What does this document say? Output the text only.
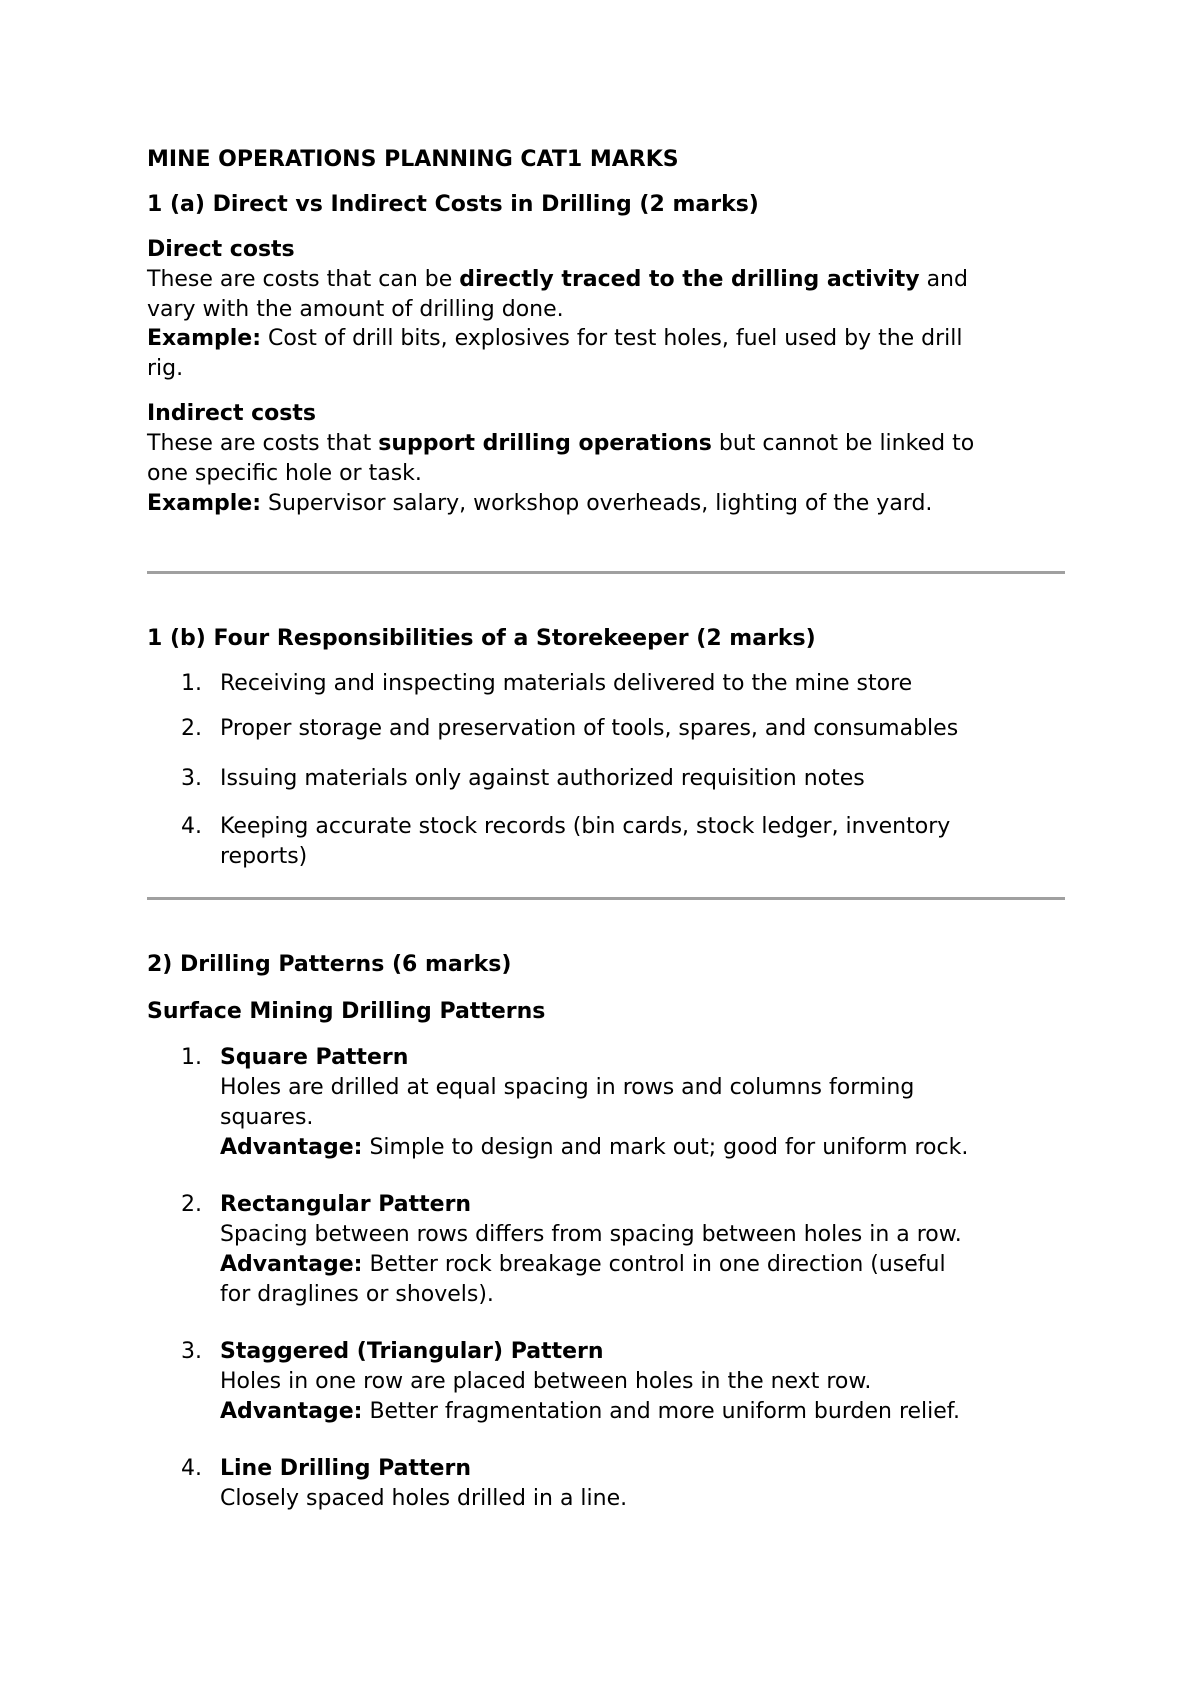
MINE OPERATIONS PLANNING CAT1 MARKS
1 (a) Direct vs Indirect Costs in Drilling (2 marks)
Direct costs
These are costs that can be directly traced to the drilling activity and
vary with the amount of drilling done.
Example: Cost of drill bits, explosives for test holes, fuel used by the drill
rig.
Indirect costs
These are costs that support drilling operations but cannot be linked to
one specific hole or task.
Example: Supervisor salary, workshop overheads, lighting of the yard.
1 (b) Four Responsibilities of a Storekeeper (2 marks)
1. Receiving and inspecting materials delivered to the mine store
2. Proper storage and preservation of tools, spares, and consumables
3. Issuing materials only against authorized requisition notes
4. Keeping accurate stock records (bin cards, stock ledger, inventory
reports)
2) Drilling Patterns (6 marks)
Surface Mining Drilling Patterns
1. Square Pattern
Holes are drilled at equal spacing in rows and columns forming
squares.
Advantage: Simple to design and mark out; good for uniform rock.
2. Rectangular Pattern
Spacing between rows differs from spacing between holes in a row.
Advantage: Better rock breakage control in one direction (useful
for draglines or shovels).
3. Staggered (Triangular) Pattern
Holes in one row are placed between holes in the next row.
Advantage: Better fragmentation and more uniform burden relief.
4. Line Drilling Pattern
Closely spaced holes drilled in a line.
